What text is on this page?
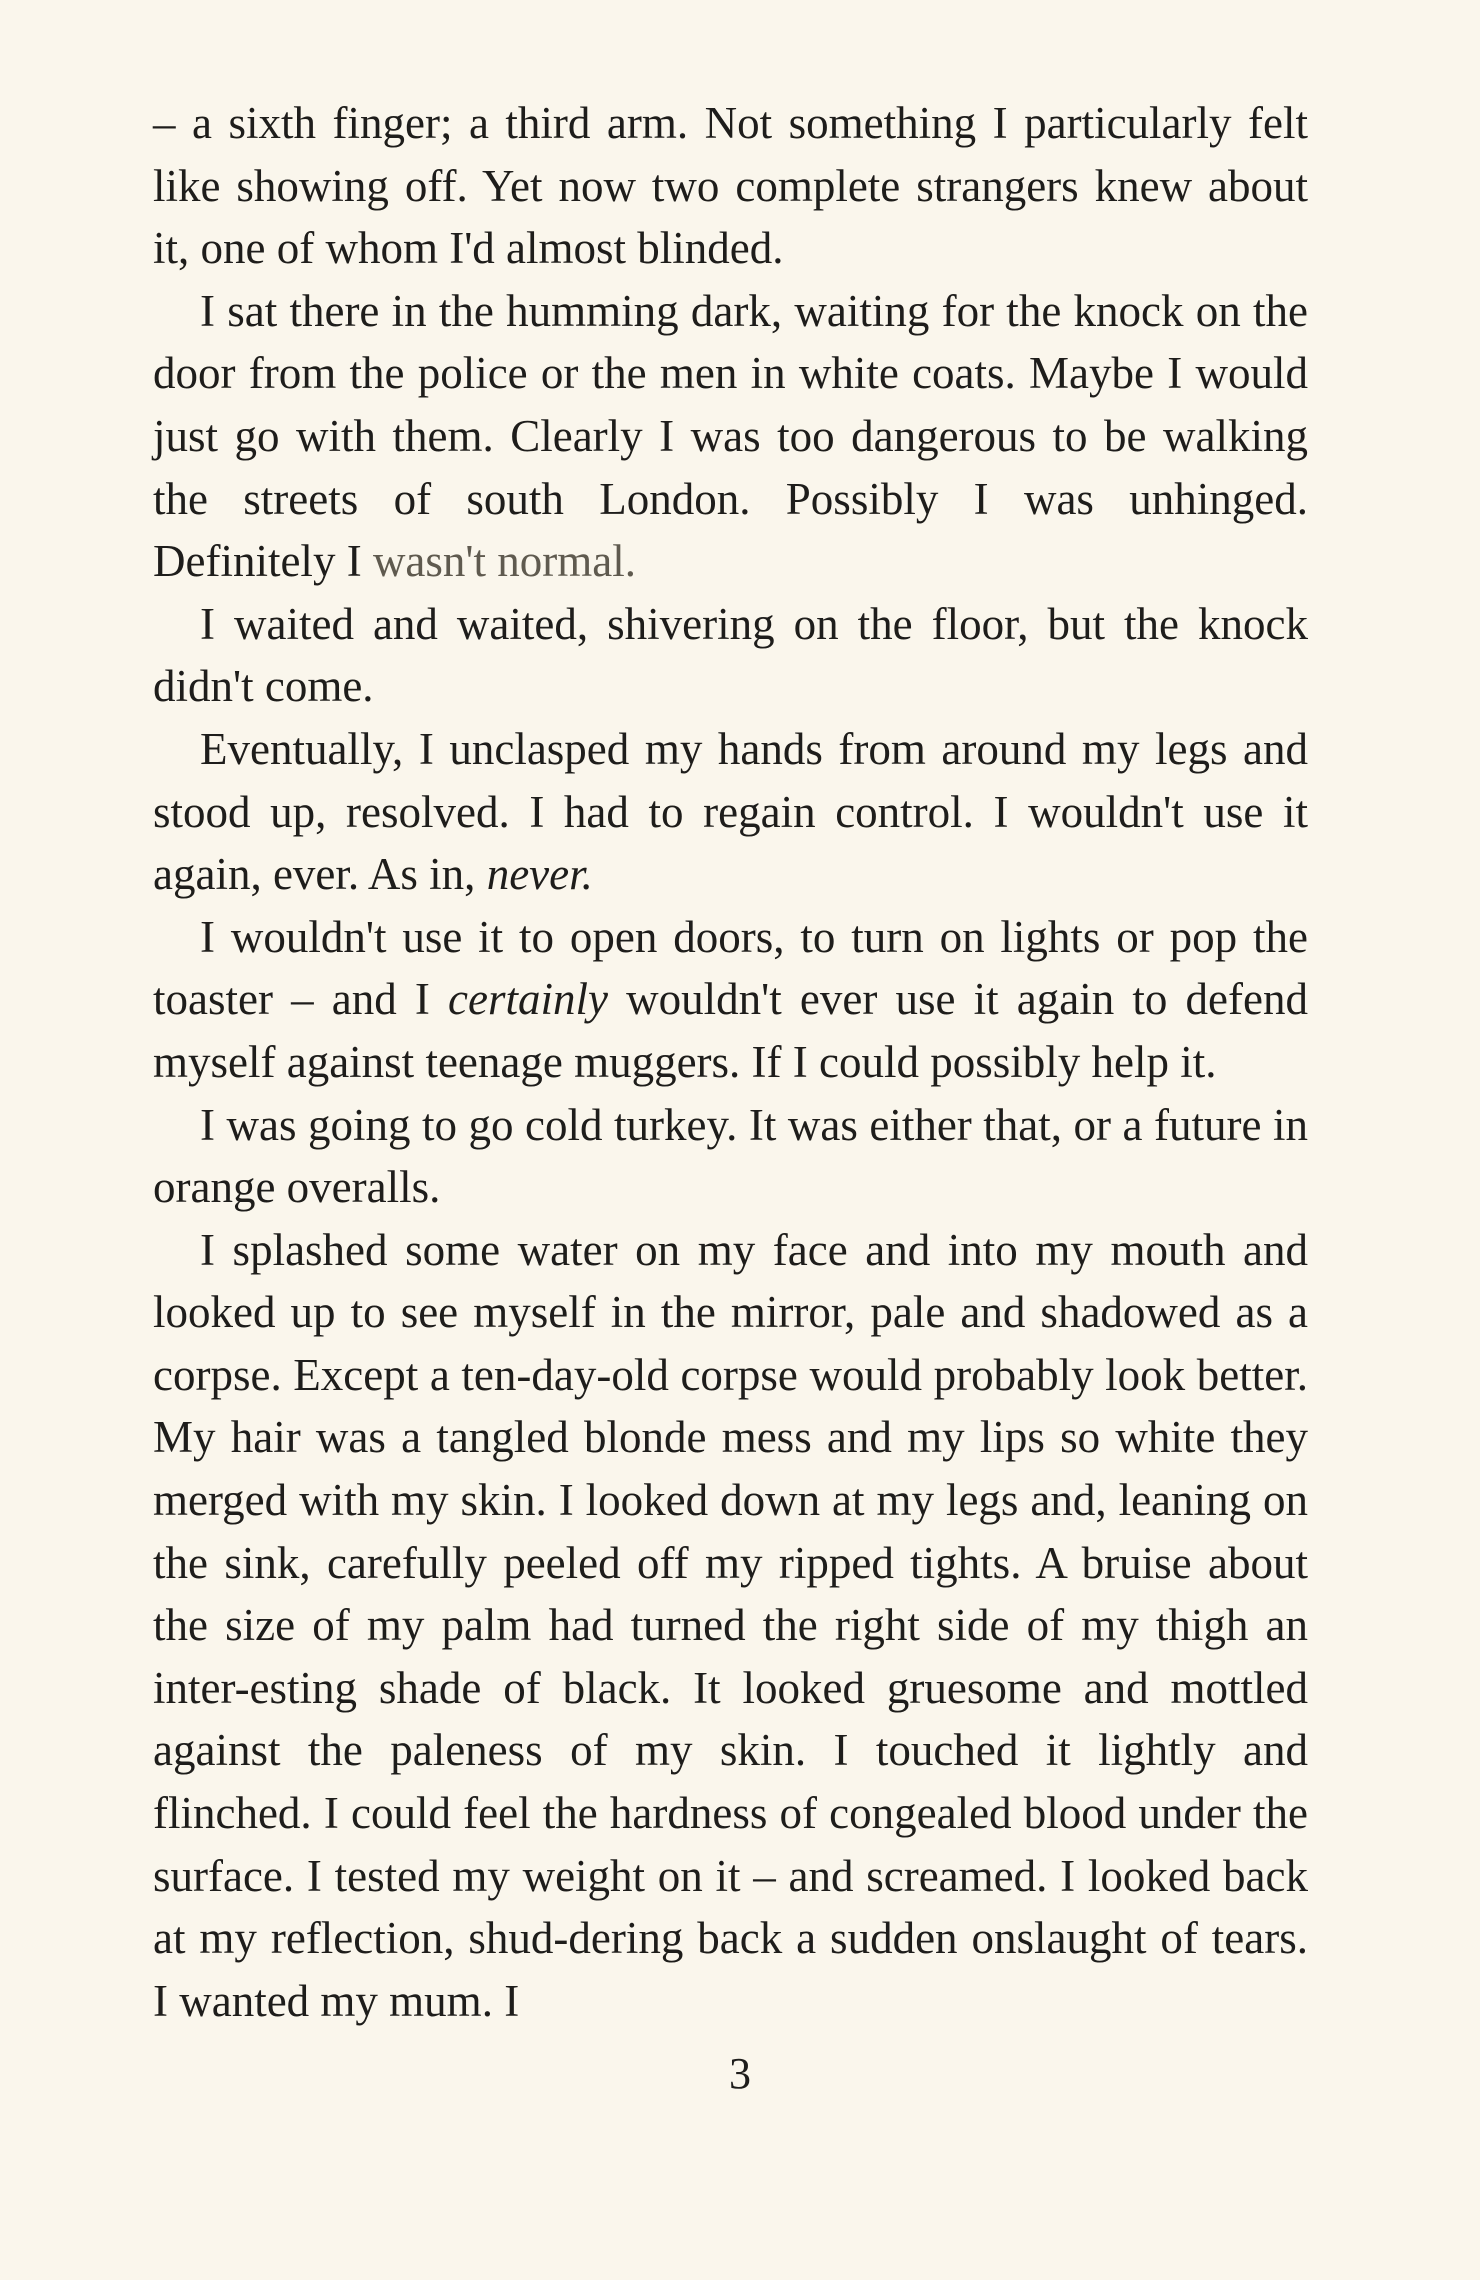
– a sixth finger; a third arm. Not something I particularly felt like showing off. Yet now two complete strangers knew about it, one of whom I'd almost blinded.

I sat there in the humming dark, waiting for the knock on the door from the police or the men in white coats. Maybe I would just go with them. Clearly I was too dangerous to be walking the streets of south London. Possibly I was unhinged. Definitely I wasn't normal.

I waited and waited, shivering on the floor, but the knock didn't come.

Eventually, I unclasped my hands from around my legs and stood up, resolved. I had to regain control. I wouldn't use it again, ever. As in, never.

I wouldn't use it to open doors, to turn on lights or pop the toaster – and I certainly wouldn't ever use it again to defend myself against teenage muggers. If I could possibly help it.

I was going to go cold turkey. It was either that, or a future in orange overalls.

I splashed some water on my face and into my mouth and looked up to see myself in the mirror, pale and shadowed as a corpse. Except a ten-day-old corpse would probably look better. My hair was a tangled blonde mess and my lips so white they merged with my skin. I looked down at my legs and, leaning on the sink, carefully peeled off my ripped tights. A bruise about the size of my palm had turned the right side of my thigh an inter-esting shade of black. It looked gruesome and mottled against the paleness of my skin. I touched it lightly and flinched. I could feel the hardness of congealed blood under the surface. I tested my weight on it – and screamed. I looked back at my reflection, shud-dering back a sudden onslaught of tears. I wanted my mum. I

3
